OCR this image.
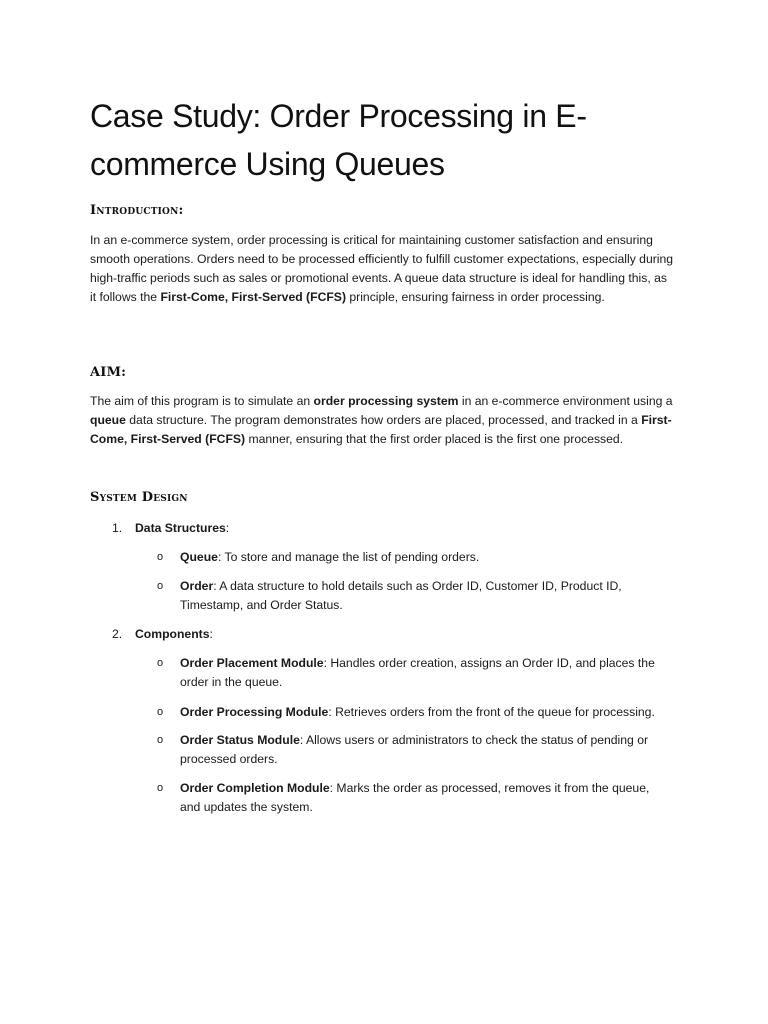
Case Study: Order Processing in E-commerce Using Queues
Introduction:

In an e-commerce system, order processing is critical for maintaining customer satisfaction and ensuring smooth operations. Orders need to be processed efficiently to fulfill customer expectations, especially during high-traffic periods such as sales or promotional events. A queue data structure is ideal for handling this, as it follows the First-Come, First-Served (FCFS) principle, ensuring fairness in order processing.

AIM:

The aim of this program is to simulate an order processing system in an e-commerce environment using a queue data structure. The program demonstrates how orders are placed, processed, and tracked in a First-Come, First-Served (FCFS) manner, ensuring that the first order placed is the first one processed.

System Design
1.	Data Structures:
o Queue: To store and manage the list of pending orders.
o Order: A data structure to hold details such as Order ID, Customer ID, Product ID, Timestamp, and Order Status.
2.	Components:
o Order Placement Module: Handles order creation, assigns an Order ID, and places the order in the queue.
o Order Processing Module: Retrieves orders from the front of the queue for processing.
o Order Status Module: Allows users or administrators to check the status of pending or processed orders.
o Order Completion Module: Marks the order as processed, removes it from the queue, and updates the system.
